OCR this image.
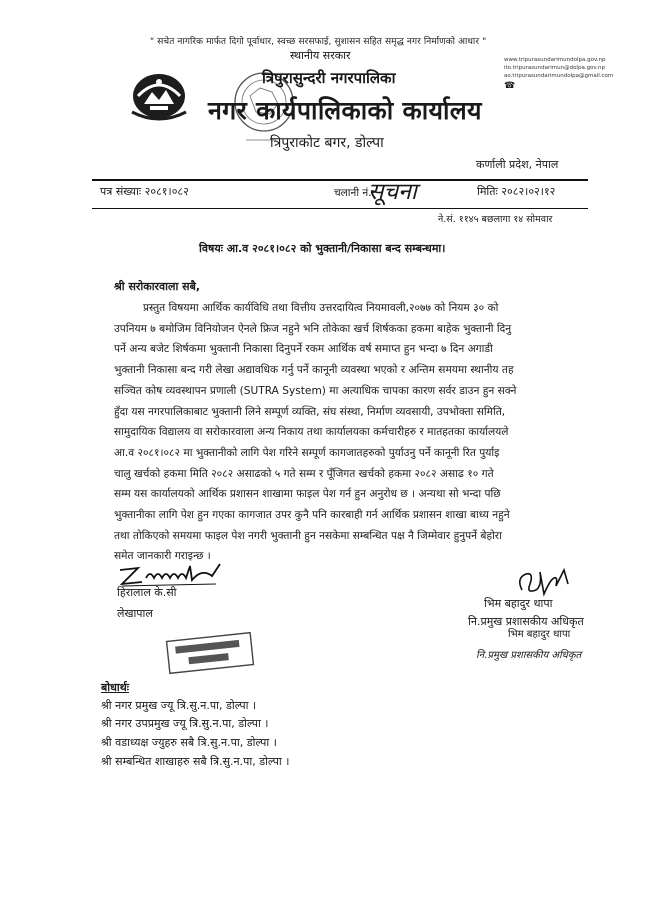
" सचेत नागरिक मार्फत दिगो पूर्वाधार, स्वच्छ सरसफाई, सुशासन सहित समृद्ध नगर निर्माणको आधार "
स्थानीय सरकार
त्रिपुरासुन्दरी नगरपालिका
नगर कार्यपालिकाको कार्यालय
त्रिपुराकोट बगर, डोल्पा
कर्णाली प्रदेश, नेपाल
www.tripurasundarimundolpa.gov.np
ito.tripurasundarimun@dolpa.gov.np
ao.tripurasundarimundolpa@gmail.com
☎
पत्र संख्याः २०८१।०८२	चलानी नं.
सूचना	मितिः २०८२।०२।१२
ने.सं. ११४५ बछलागा १४ सोमवार
विषयः आ.व २०८१।०८२ को भुक्तानी/निकासा बन्द सम्बन्धमा।
श्री सरोकारवाला सबै,
प्रस्तुत विषयमा आर्थिक कार्यविधि तथा वित्तीय उत्तरदायित्व नियमावली,२०७७ को नियम ३० को
उपनियम ७ बमोजिम विनियोजन ऐनले फ्रिज नहुने भनि तोकेका खर्च शिर्षकका हकमा बाहेक भुक्तानी दिनु
पर्ने अन्य बजेट शिर्षकमा भुक्तानी निकासा दिनुपर्ने रकम आर्थिक वर्ष समाप्त हुन भन्दा ७ दिन अगाडी
भुक्तानी निकासा बन्द गरी लेखा अद्यावधिक गर्नु पर्ने कानूनी व्यवस्था भएको र अन्तिम समयमा स्थानीय तह
सञ्चित कोष व्यवस्थापन प्रणाली (SUTRA System) मा अत्याधिक चापका कारण सर्वर डाउन हुन सक्ने
हुँदा यस नगरपालिकाबाट भुक्तानी लिने सम्पूर्ण व्यक्ति, संघ संस्था, निर्माण व्यवसायी, उपभोक्ता समिति,
सामुदायिक विद्यालय वा सरोकारवाला अन्य निकाय तथा कार्यालयका कर्मचारीहरु र मातहतका कार्यालयले
आ.व २०८१।०८२ मा भुक्तानीको लागि पेश गरिने सम्पूर्ण कागजातहरुको पुर्याउनु पर्ने कानूनी रित पुर्याइ
चालु खर्चको हकमा मिति २०८२ असाढको ५ गते सम्म र पूँजिगत खर्चको हकमा २०८२ असाढ १० गते
सम्म यस कार्यालयको आर्थिक प्रशासन शाखामा फाइल पेश गर्न हुन अनुरोध छ । अन्यथा सो भन्दा पछि
भुक्तानीका लागि पेश हुन गएका कागजात उपर कुनै पनि कारबाही गर्न आर्थिक प्रशासन शाखा बाध्य नहुने
तथा तोकिएको समयमा फाइल पेश नगरी भुक्तानी हुन नसकेमा सम्बन्धित पक्ष नै जिम्मेवार हुनुपर्ने बेहोरा
समेत जानकारी गराइन्छ ।
हिरालाल के.सी
लेखापाल
भिम बहादुर थापा
नि.प्रमुख प्रशासकीय अधिकृत
भिम बहादुर थापा
नि.प्रमुख प्रशासकीय अधिकृत
बोधार्थः
श्री नगर प्रमुख ज्यू त्रि.सु.न.पा, डोल्पा ।
श्री नगर उपप्रमुख ज्यू त्रि.सु.न.पा, डोल्पा ।
श्री वडाध्यक्ष ज्युहरु सबै त्रि.सु.न.पा, डोल्पा ।
श्री सम्बन्धित शाखाहरु सबै त्रि.सु.न.पा, डोल्पा ।
